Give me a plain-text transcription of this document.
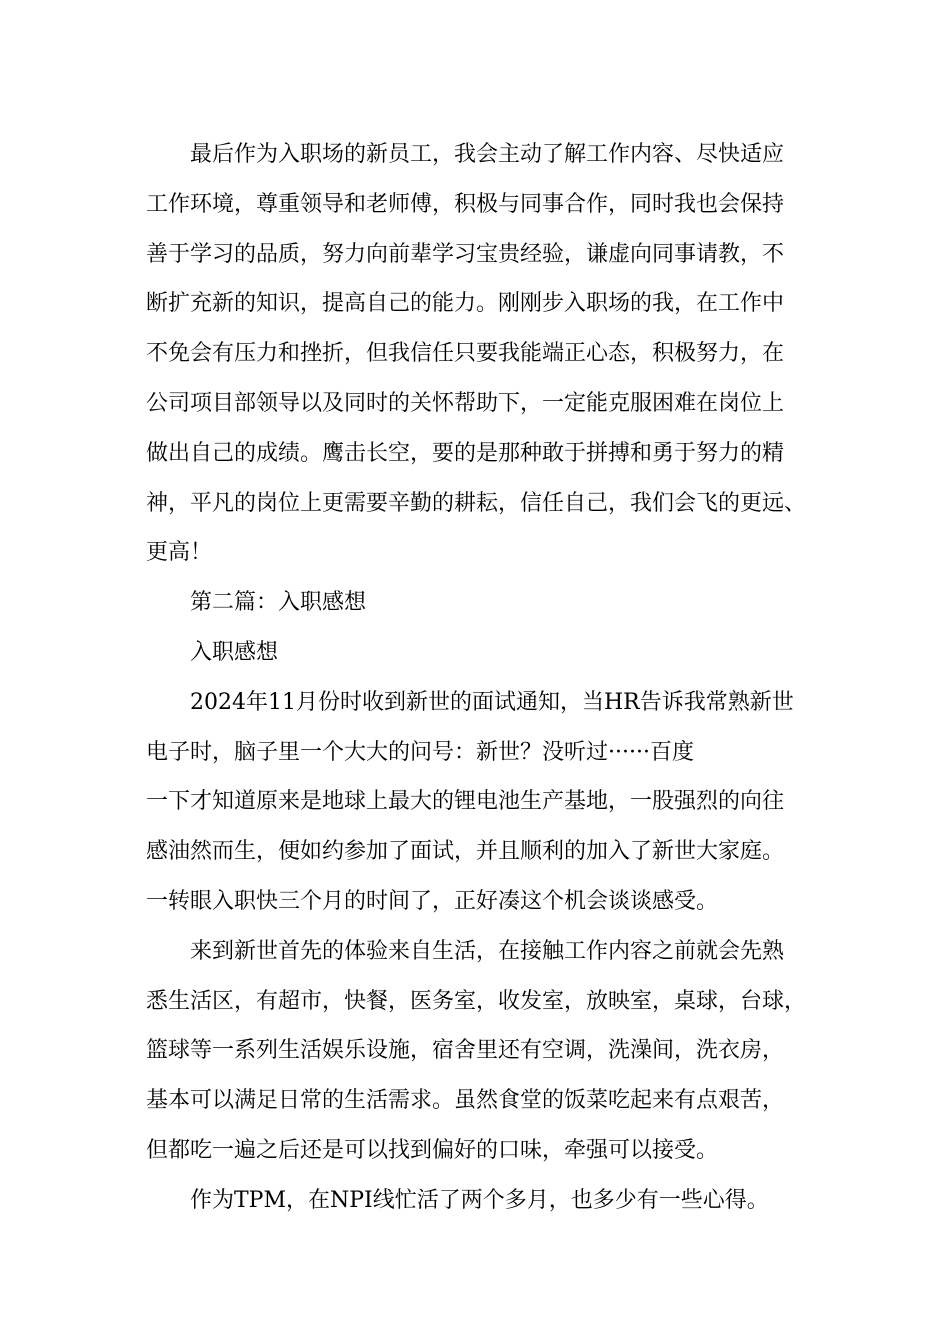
最后作为入职场的新员工，我会主动了解工作内容、尽快适应
工作环境，尊重领导和老师傅，积极与同事合作，同时我也会保持
善于学习的品质，努力向前辈学习宝贵经验，谦虚向同事请教，不
断扩充新的知识，提高自己的能力。刚刚步入职场的我，在工作中
不免会有压力和挫折，但我信任只要我能端正心态，积极努力，在
公司项目部领导以及同时的关怀帮助下，一定能克服困难在岗位上
做出自己的成绩。鹰击长空，要的是那种敢于拼搏和勇于努力的精
神，平凡的岗位上更需要辛勤的耕耘，信任自己，我们会飞的更远、
更高！
第二篇：入职感想
入职感想
2024年11月份时收到新世的面试通知，当HR告诉我常熟新世
电子时，脑子里一个大大的问号：新世？没听过······百度
一下才知道原来是地球上最大的锂电池生产基地，一股强烈的向往
感油然而生，便如约参加了面试，并且顺利的加入了新世大家庭。
一转眼入职快三个月的时间了，正好凑这个机会谈谈感受。
来到新世首先的体验来自生活，在接触工作内容之前就会先熟
悉生活区，有超市，快餐，医务室，收发室，放映室，桌球，台球，
篮球等一系列生活娱乐设施，宿舍里还有空调，洗澡间，洗衣房，
基本可以满足日常的生活需求。虽然食堂的饭菜吃起来有点艰苦，
但都吃一遍之后还是可以找到偏好的口味，牵强可以接受。
作为TPM，在NPI线忙活了两个多月，也多少有一些心得。
